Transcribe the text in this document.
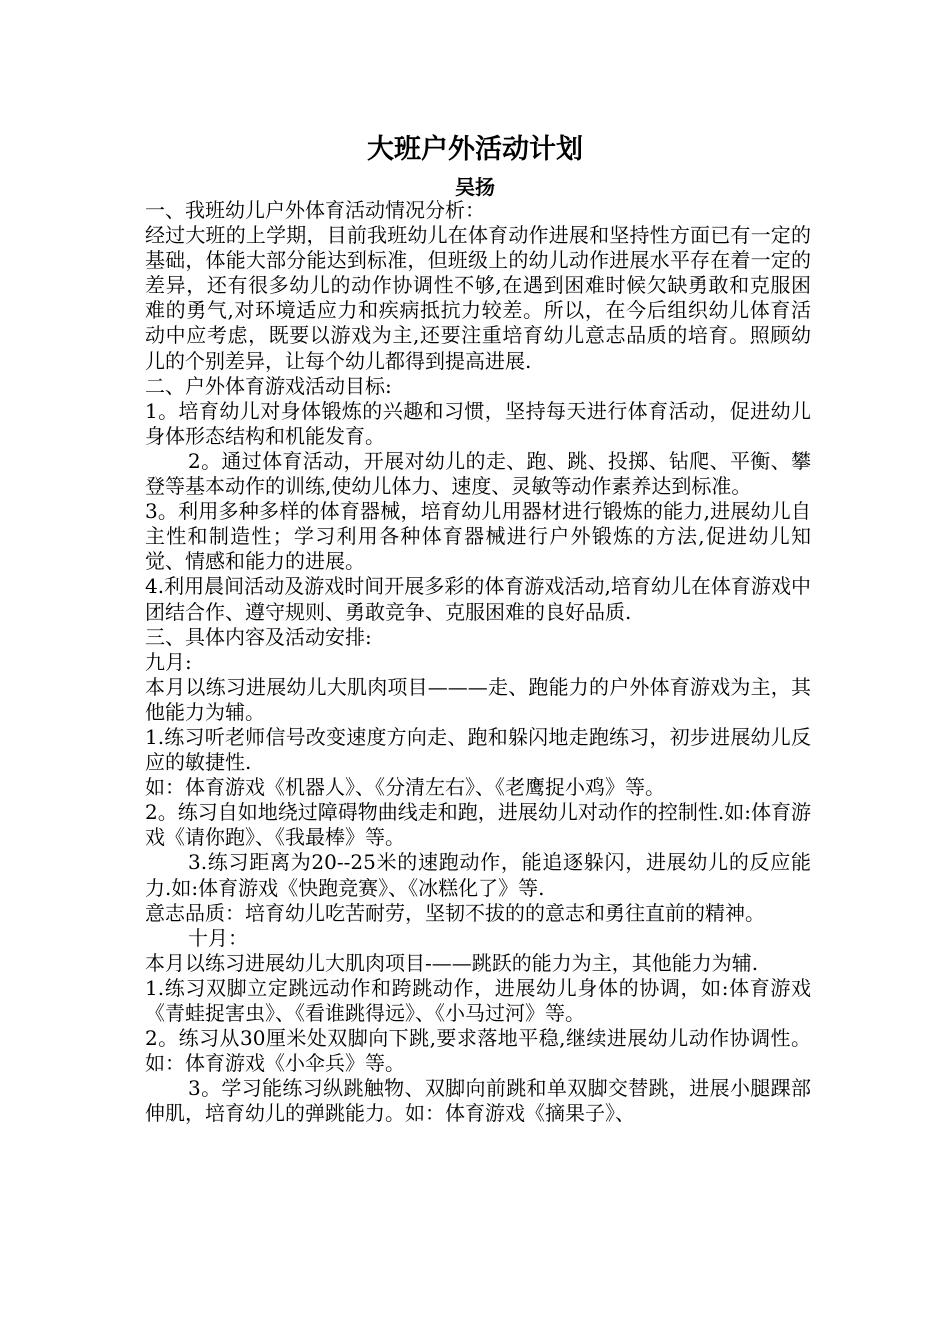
大班户外活动计划
吴扬

一、我班幼儿户外体育活动情况分析：

经过大班的上学期，目前我班幼儿在体育动作进展和坚持性方面已有一定的基础，体能大部分能达到标准，但班级上的幼儿动作进展水平存在着一定的差异，还有很多幼儿的动作协调性不够,在遇到困难时候欠缺勇敢和克服困难的勇气,对环境适应力和疾病抵抗力较差。所以，在今后组织幼儿体育活动中应考虑，既要以游戏为主,还要注重培育幼儿意志品质的培育。照顾幼儿的个别差异，让每个幼儿都得到提高进展.

二、户外体育游戏活动目标:

1。培育幼儿对身体锻炼的兴趣和习惯，坚持每天进行体育活动，促进幼儿身体形态结构和机能发育。

2。通过体育活动，开展对幼儿的走、跑、跳、投掷、钻爬、平衡、攀登等基本动作的训练,使幼儿体力、速度、灵敏等动作素养达到标准。

3。利用多种多样的体育器械，培育幼儿用器材进行锻炼的能力,进展幼儿自主性和制造性；学习利用各种体育器械进行户外锻炼的方法,促进幼儿知觉、情感和能力的进展。

4.利用晨间活动及游戏时间开展多彩的体育游戏活动,培育幼儿在体育游戏中团结合作、遵守规则、勇敢竞争、克服困难的良好品质.

三、具体内容及活动安排:

九月:

本月以练习进展幼儿大肌肉项目———走、跑能力的户外体育游戏为主，其他能力为辅。

1.练习听老师信号改变速度方向走、跑和躲闪地走跑练习，初步进展幼儿反应的敏捷性.

如：体育游戏《机器人》、《分清左右》、《老鹰捉小鸡》等。

2。练习自如地绕过障碍物曲线走和跑，进展幼儿对动作的控制性.如:体育游戏《请你跑》、《我最棒》等。

3.练习距离为20--25米的速跑动作，能追逐躲闪，进展幼儿的反应能力.如:体育游戏《快跑竞赛》、《冰糕化了》等.

意志品质：培育幼儿吃苦耐劳，坚韧不拔的的意志和勇往直前的精神。

十月：

本月以练习进展幼儿大肌肉项目-——跳跃的能力为主，其他能力为辅.

1.练习双脚立定跳远动作和跨跳动作，进展幼儿身体的协调，如:体育游戏《青蛙捉害虫》、《看谁跳得远》、《小马过河》等。

2。练习从30厘米处双脚向下跳,要求落地平稳,继续进展幼儿动作协调性。如：体育游戏《小伞兵》等。

3。学习能练习纵跳触物、双脚向前跳和单双脚交替跳，进展小腿踝部伸肌，培育幼儿的弹跳能力。如：体育游戏《摘果子》、
